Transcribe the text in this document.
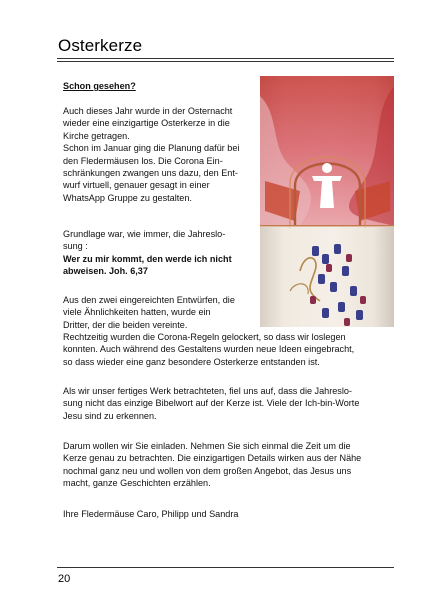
Osterkerze
Schon gesehen?
Auch dieses Jahr wurde in der Osternacht
wieder eine einzigartige Osterkerze in die
Kirche getragen.
Schon im Januar ging die Planung dafür bei
den Fledermäusen los. Die Corona Ein-
schränkungen zwangen uns dazu, den Ent-
wurf virtuell, genauer gesagt in einer
WhatsApp Gruppe zu gestalten.
Grundlage war, wie immer, die Jahreslo-
sung :
Wer zu mir kommt, den werde ich nicht
abweisen. Joh. 6,37
Aus den zwei eingereichten Entwürfen, die
viele Ähnlichkeiten hatten, wurde ein
Dritter, der die beiden vereinte.
Rechtzeitig wurden die Corona-Regeln gelockert, so dass wir loslegen
konnten. Auch während des Gestaltens wurden neue Ideen eingebracht,
so dass wieder eine ganz besondere Osterkerze entstanden ist.
Als wir unser fertiges Werk betrachteten, fiel uns auf, dass die Jahreslo-
sung nicht das einzige Bibelwort auf der Kerze ist. Viele der Ich-bin-Worte
Jesu sind zu erkennen.
Darum wollen wir Sie einladen. Nehmen Sie sich einmal die Zeit um die
Kerze genau zu betrachten. Die einzigartigen Details wirken aus der Nähe
nochmal ganz neu und wollen von dem großen Angebot, das Jesus uns
macht, ganze Geschichten erzählen.
Ihre Fledermäuse Caro, Philipp und Sandra
20
